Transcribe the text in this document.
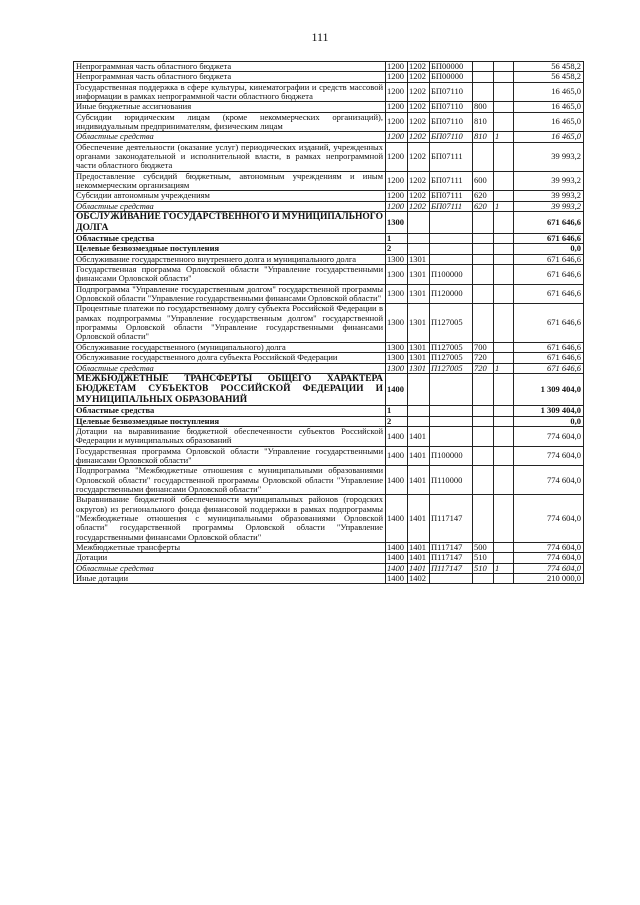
111
Непрограммная часть областного бюджета	1200	1202	БП00000			56 458,2
Непрограммная часть областного бюджета	1200	1202	БП00000			56 458,2
Государственная поддержка в сфере культуры, кинематографии и средств массовой информации в рамках непрограммной части областного бюджета	1200	1202	БП07110			16 465,0
Иные бюджетные ассигнования	1200	1202	БП07110	800		16 465,0
Субсидии юридическим лицам (кроме некоммерческих организаций), индивидуальным предпринимателям, физическим лицам	1200	1202	БП07110	810		16 465,0
Областные средства	1200	1202	БП07110	810	1	16 465,0
Обеспечение деятельности (оказание услуг) периодических изданий, учрежденных органами законодательной и исполнительной власти, в рамках непрограммной части областного бюджета	1200	1202	БП07111			39 993,2
Предоставление субсидий бюджетным, автономным учреждениям и иным некоммерческим организациям	1200	1202	БП07111	600		39 993,2
Субсидии автономным учреждениям	1200	1202	БП07111	620		39 993,2
Областные средства	1200	1202	БП07111	620	1	39 993,2
ОБСЛУЖИВАНИЕ ГОСУДАРСТВЕННОГО И МУНИЦИПАЛЬНОГО ДОЛГА	1300					671 646,6
Областные средства	1					671 646,6
Целевые безвозмездные поступления	2					0,0
Обслуживание государственного внутреннего долга и муниципального долга	1300	1301				671 646,6
Государственная программа Орловской области "Управление государственными финансами Орловской области"	1300	1301	П100000			671 646,6
Подпрограмма "Управление государственным долгом" государственной программы Орловской области "Управление государственными финансами Орловской области"	1300	1301	П120000			671 646,6
Процентные платежи по государственному долгу субъекта Российской Федерации в рамках подпрограммы "Управление государственным долгом" государственной программы Орловской области "Управление государственными финансами Орловской области"	1300	1301	П127005			671 646,6
Обслуживание государственного (муниципального) долга	1300	1301	П127005	700		671 646,6
Обслуживание государственного долга субъекта Российской Федерации	1300	1301	П127005	720		671 646,6
Областные средства	1300	1301	П127005	720	1	671 646,6
МЕЖБЮДЖЕТНЫЕ ТРАНСФЕРТЫ ОБЩЕГО ХАРАКТЕРА БЮДЖЕТАМ СУБЪЕКТОВ РОССИЙСКОЙ ФЕДЕРАЦИИ И МУНИЦИПАЛЬНЫХ ОБРАЗОВАНИЙ	1400					1 309 404,0
Областные средства	1					1 309 404,0
Целевые безвозмездные поступления	2					0,0
Дотации на выравнивание бюджетной обеспеченности субъектов Российской Федерации и муниципальных образований	1400	1401				774 604,0
Государственная программа Орловской области "Управление государственными финансами Орловской области"	1400	1401	П100000			774 604,0
Подпрограмма "Межбюджетные отношения с муниципальными образованиями Орловской области" государственной программы Орловской области "Управление государственными финансами Орловской области"	1400	1401	П110000			774 604,0
Выравнивание бюджетной обеспеченности муниципальных районов (городских округов) из регионального фонда финансовой поддержки в рамках подпрограммы "Межбюджетные отношения с муниципальными образованиями Орловской области" государственной программы Орловской области "Управление государственными финансами Орловской области"	1400	1401	П117147			774 604,0
Межбюджетные трансферты	1400	1401	П117147	500		774 604,0
Дотации	1400	1401	П117147	510		774 604,0
Областные средства	1400	1401	П117147	510	1	774 604,0
Иные дотации	1400	1402				210 000,0
